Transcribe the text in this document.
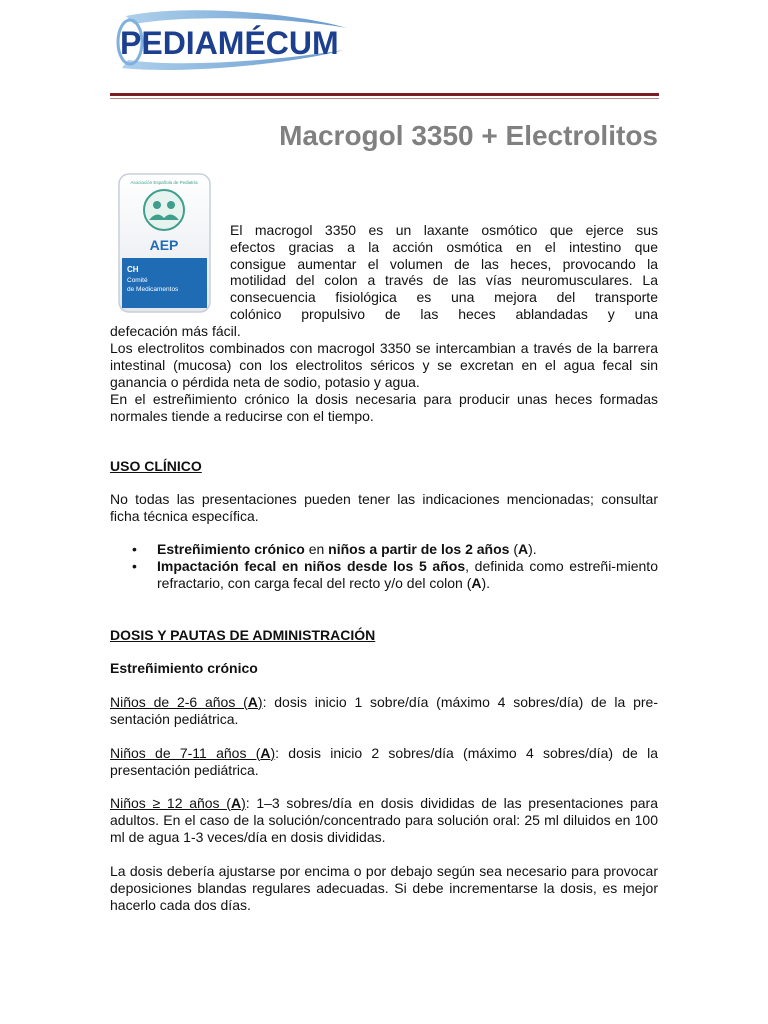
PEDIAMÉCUM
Macrogol 3350 + Electrolitos
Asociación Española de Pediatría
AEP
CH
Comité
de Medicamentos
El macrogol 3350 es un laxante osmótico que ejerce sus
efectos gracias a la acción osmótica en el intestino que
consigue aumentar el volumen de las heces, provocando la
motilidad del colon a través de las vías neuromusculares. La
consecuencia fisiológica es una mejora del transporte
colónico propulsivo de las heces ablandadas y una
defecación más fácil.
Los electrolitos combinados con macrogol 3350 se intercambian a través de la barrera intestinal (mucosa) con los electrolitos séricos y se excretan en el agua fecal sin ganancia o pérdida neta de sodio, potasio y agua.
En el estreñimiento crónico la dosis necesaria para producir unas heces formadas normales tiende a reducirse con el tiempo.
USO CLÍNICO
No todas las presentaciones pueden tener las indicaciones mencionadas; consultar ficha técnica específica.
• Estreñimiento crónico en niños a partir de los 2 años (A).
• Impactación fecal en niños desde los 5 años, definida como estreñi-miento refractario, con carga fecal del recto y/o del colon (A).
DOSIS Y PAUTAS DE ADMINISTRACIÓN
Estreñimiento crónico
Niños de 2-6 años (A): dosis inicio 1 sobre/día (máximo 4 sobres/día) de la pre-sentación pediátrica.
Niños de 7-11 años (A): dosis inicio 2 sobres/día (máximo 4 sobres/día) de la presentación pediátrica.
Niños ≥ 12 años (A): 1–3 sobres/día en dosis divididas de las presentaciones para adultos. En el caso de la solución/concentrado para solución oral: 25 ml diluidos en 100 ml de agua 1-3 veces/día en dosis divididas.
La dosis debería ajustarse por encima o por debajo según sea necesario para provocar deposiciones blandas regulares adecuadas. Si debe incrementarse la dosis, es mejor hacerlo cada dos días.
